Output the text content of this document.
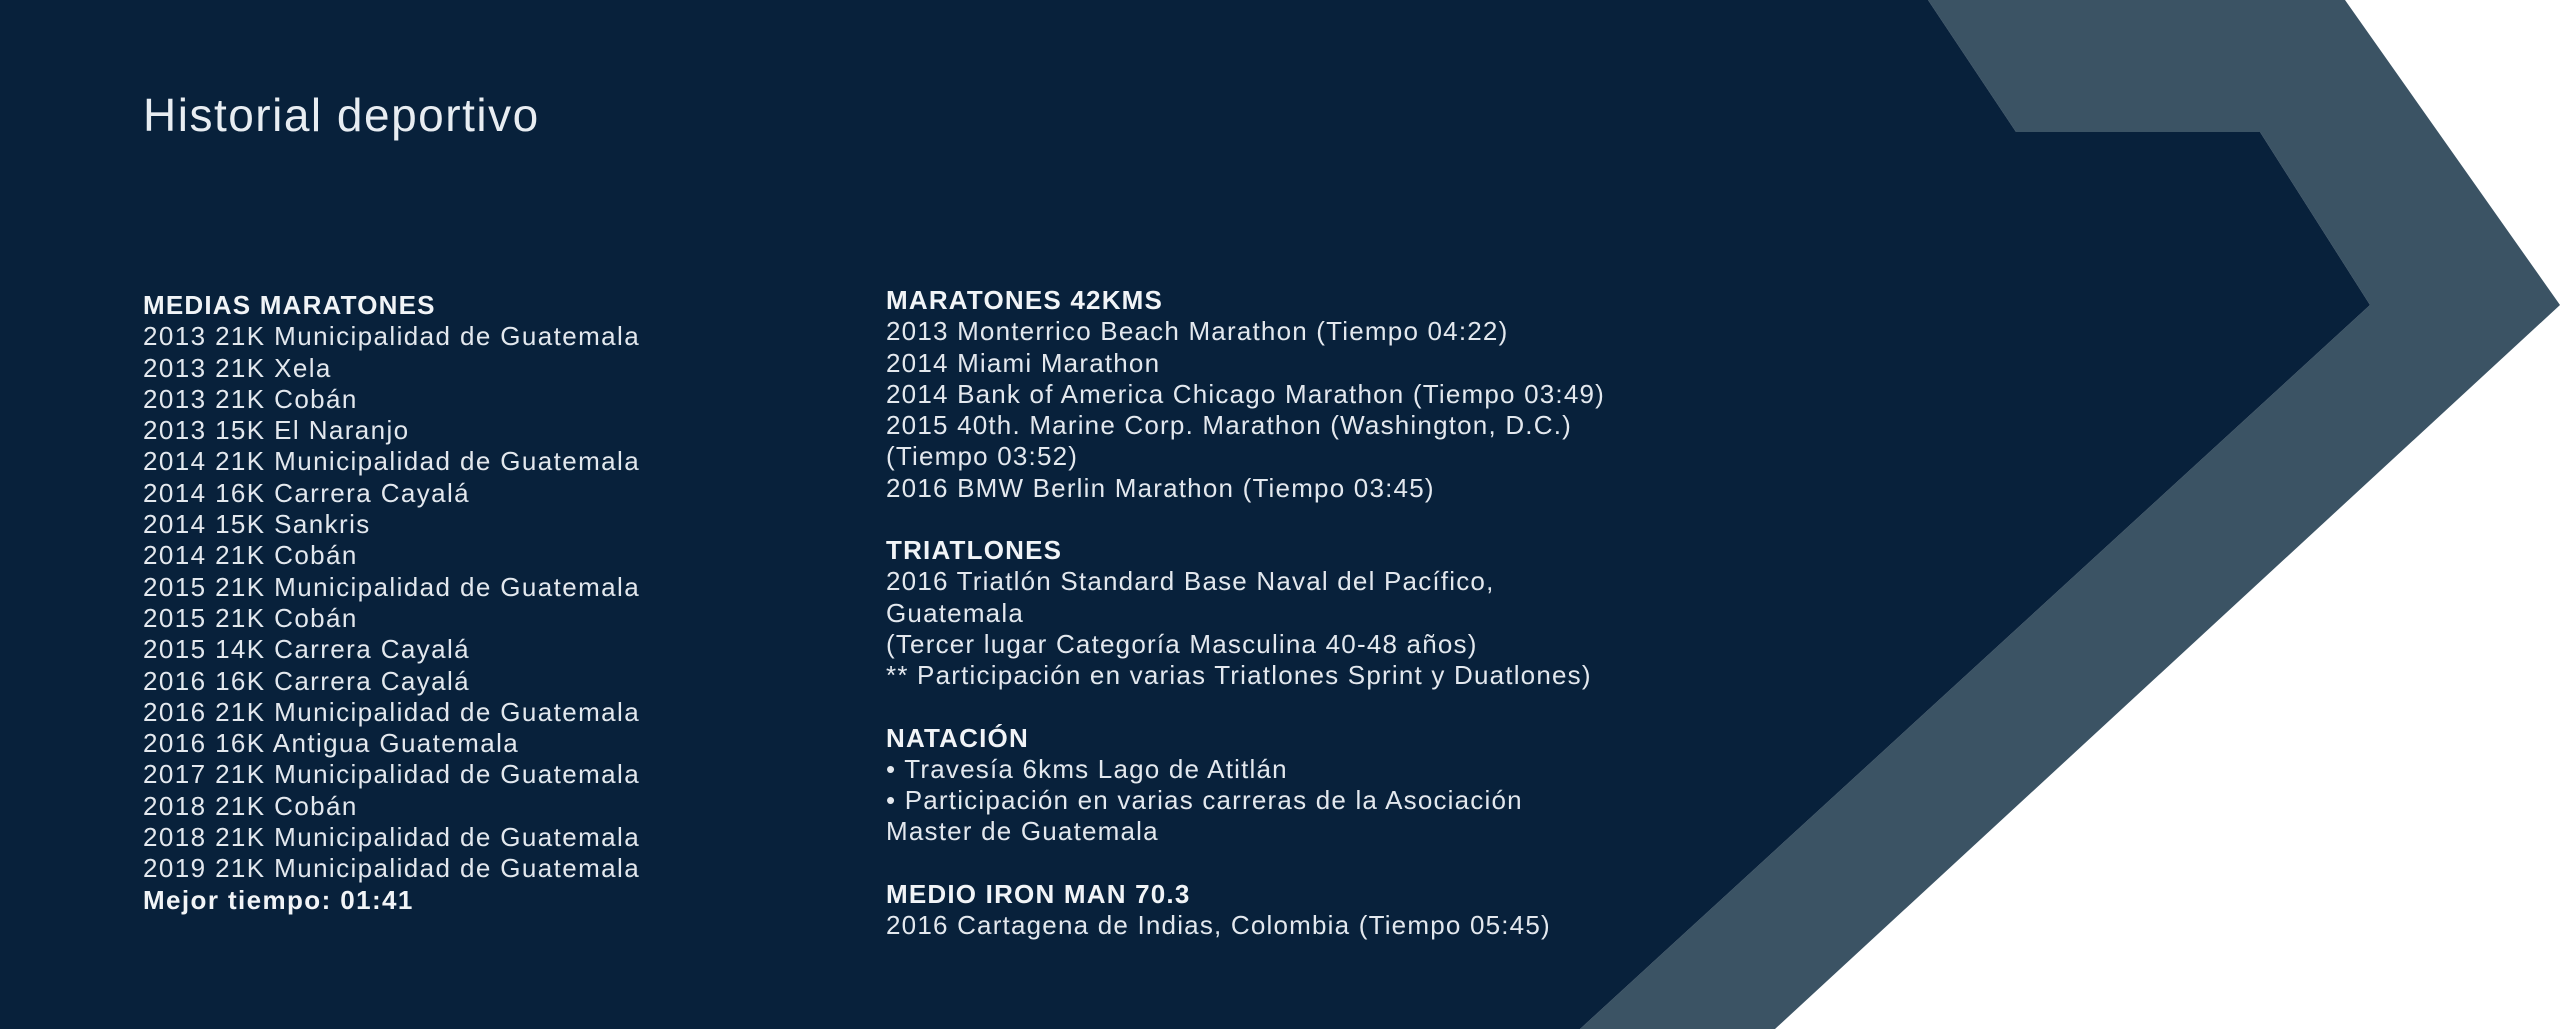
Historial deportivo
MEDIAS MARATONES
2013 21K Municipalidad de Guatemala
2013 21K Xela
2013 21K Cobán
2013 15K El Naranjo
2014 21K Municipalidad de Guatemala
2014 16K Carrera Cayalá
2014 15K Sankris
2014 21K Cobán
2015 21K Municipalidad de Guatemala
2015 21K Cobán
2015 14K Carrera Cayalá
2016 16K Carrera Cayalá
2016 21K Municipalidad de Guatemala
2016 16K Antigua Guatemala
2017 21K Municipalidad de Guatemala
2018 21K Cobán
2018 21K Municipalidad de Guatemala
2019 21K Municipalidad de Guatemala
Mejor tiempo: 01:41
MARATONES 42KMS
2013 Monterrico Beach Marathon (Tiempo 04:22)
2014 Miami Marathon
2014 Bank of America Chicago Marathon (Tiempo 03:49)
2015 40th. Marine Corp. Marathon (Washington, D.C.)
(Tiempo 03:52)
2016 BMW Berlin Marathon (Tiempo 03:45)
TRIATLONES
2016 Triatlón Standard Base Naval del Pacífico,
Guatemala
(Tercer lugar Categoría Masculina 40-48 años)
** Participación en varias Triatlones Sprint y Duatlones)
NATACIÓN
• Travesía 6kms Lago de Atitlán
• Participación en varias carreras de la Asociación
Master de Guatemala
MEDIO IRON MAN 70.3
2016 Cartagena de Indias, Colombia (Tiempo 05:45)
